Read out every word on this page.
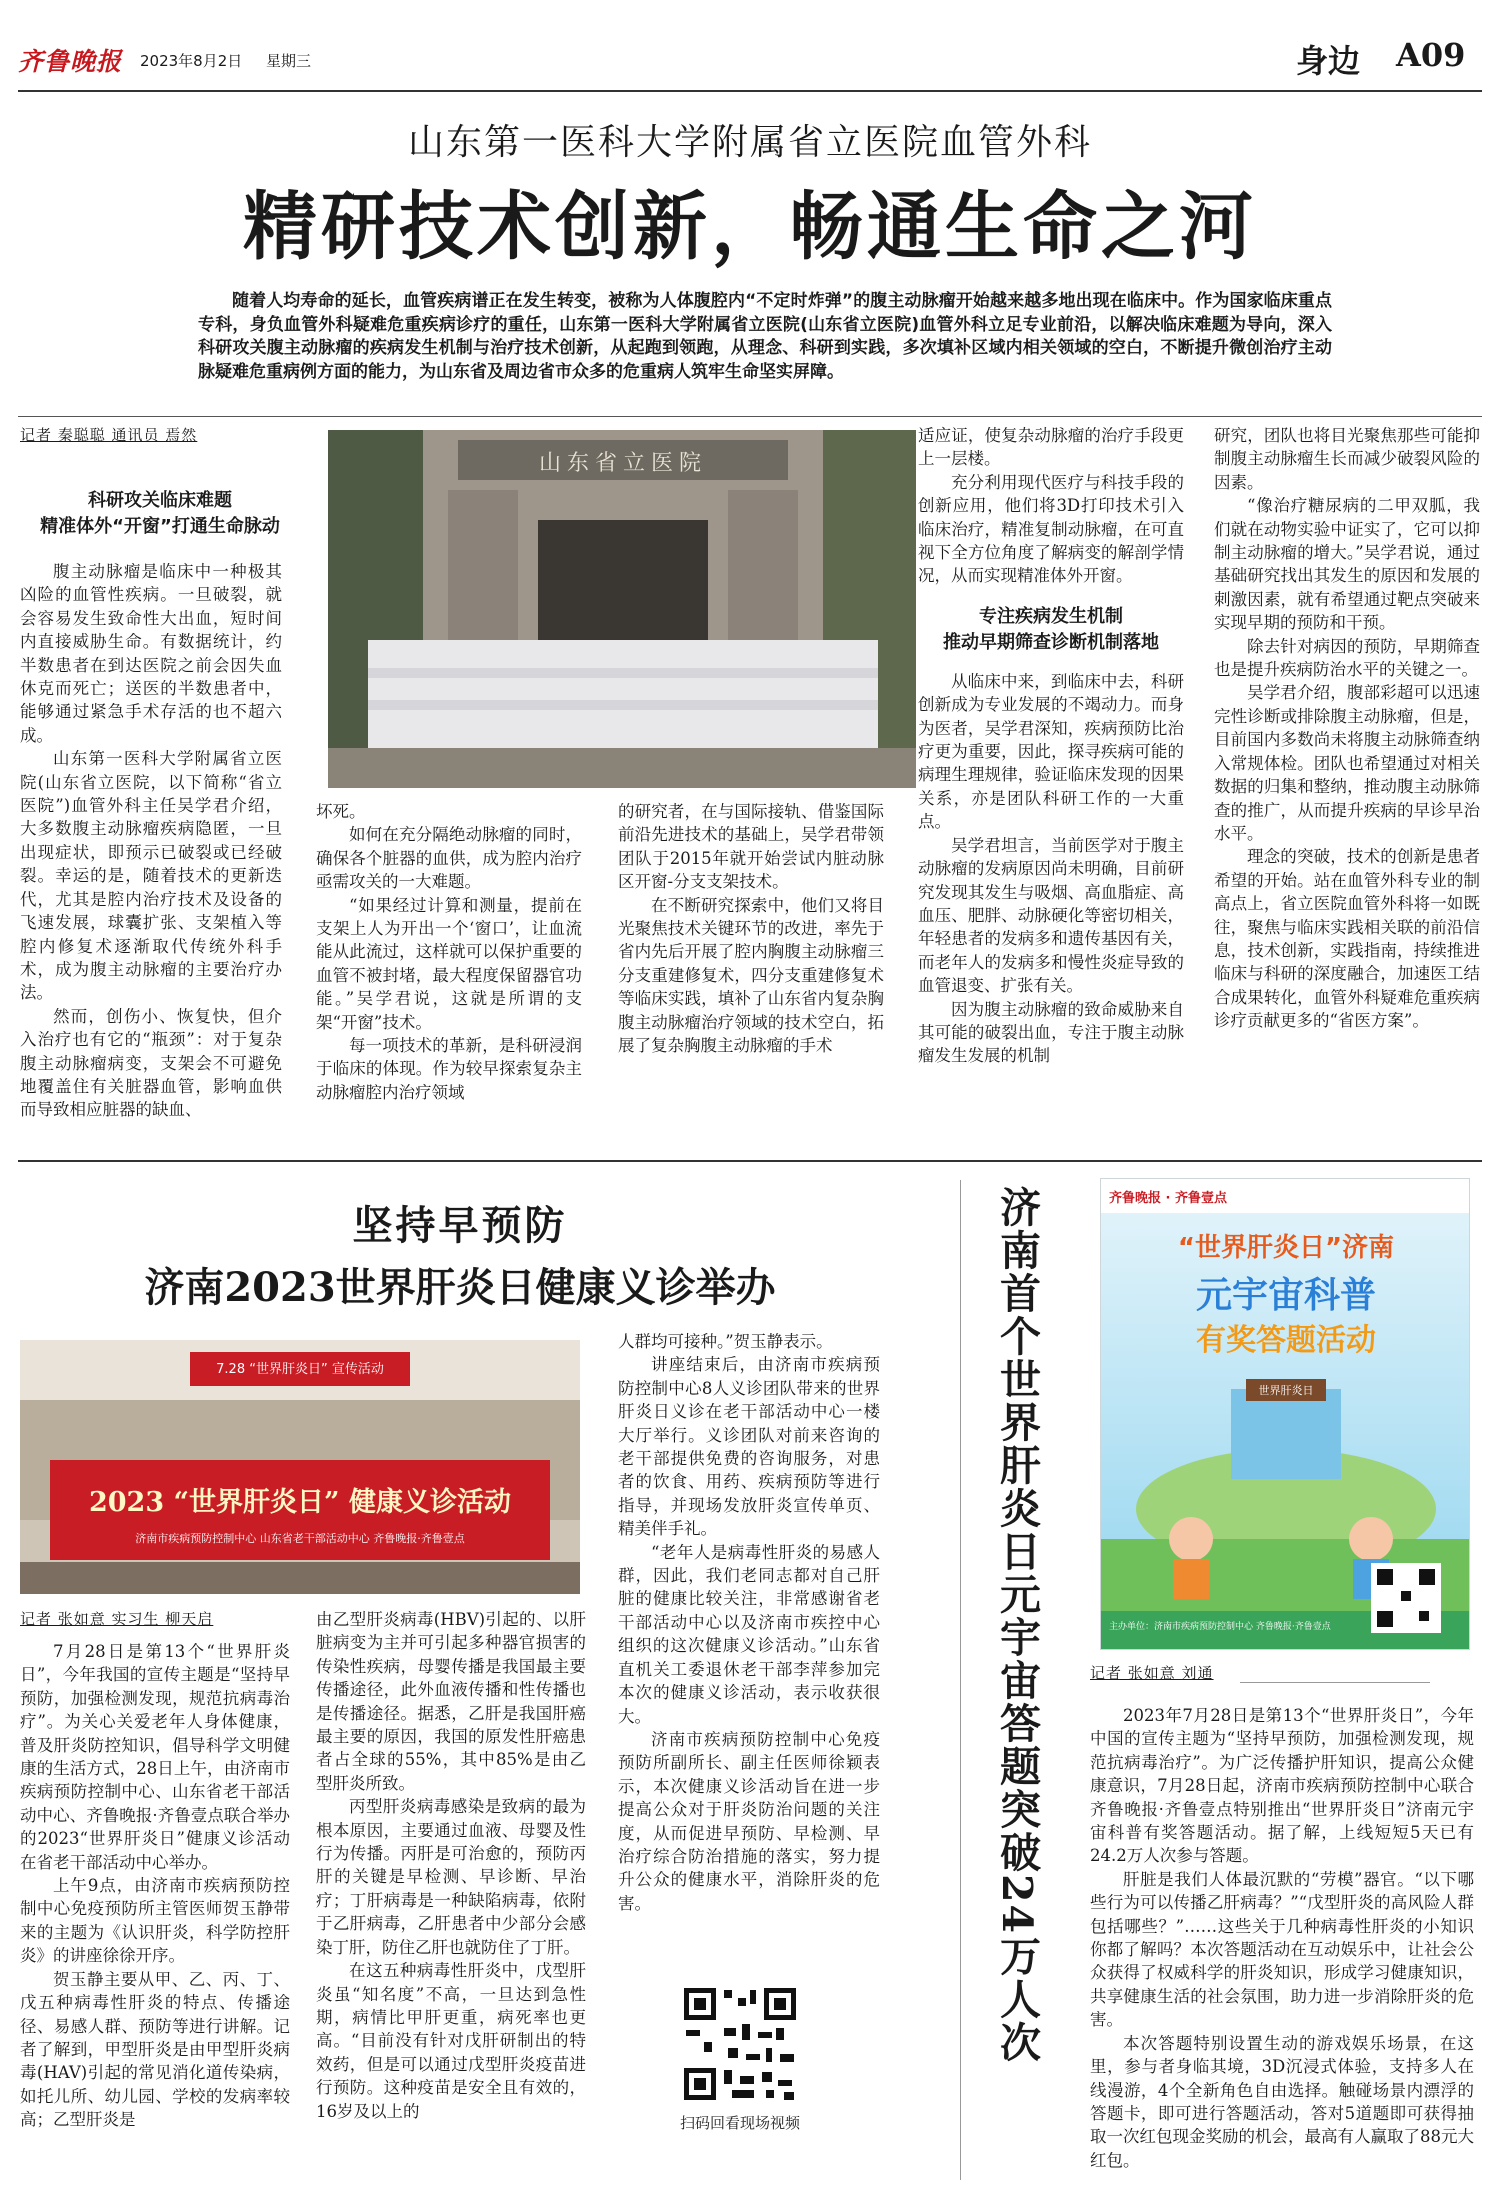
齐鲁晚报 2023年8月2日 星期三	身边 A09
山东第一医科大学附属省立医院血管外科
精研技术创新，畅通生命之河
随着人均寿命的延长，血管疾病谱正在发生转变，被称为人体腹腔内“不定时炸弹”的腹主动脉瘤开始越来越多地出现在临床中。作为国家临床重点专科，身负血管外科疑难危重疾病诊疗的重任，山东第一医科大学附属省立医院(山东省立医院)血管外科立足专业前沿，以解决临床难题为导向，深入科研攻关腹主动脉瘤的疾病发生机制与治疗技术创新，从起跑到领跑，从理念、科研到实践，多次填补区域内相关领域的空白，不断提升微创治疗主动脉疑难危重病例方面的能力，为山东省及周边省市众多的危重病人筑牢生命坚实屏障。
记者 秦聪聪 通讯员 焉然
科研攻关临床难题
精准体外“开窗”打通生命脉动

腹主动脉瘤是临床中一种极其凶险的血管性疾病。一旦破裂，就会容易发生致命性大出血，短时间内直接威胁生命。有数据统计，约半数患者在到达医院之前会因失血休克而死亡；送医的半数患者中，能够通过紧急手术存活的也不超六成。

山东第一医科大学附属省立医院(山东省立医院，以下简称“省立医院”)血管外科主任吴学君介绍，大多数腹主动脉瘤疾病隐匿，一旦出现症状，即预示已破裂或已经破裂。幸运的是，随着技术的更新迭代，尤其是腔内治疗技术及设备的飞速发展，球囊扩张、支架植入等腔内修复术逐渐取代传统外科手术，成为腹主动脉瘤的主要治疗办法。

然而，创伤小、恢复快，但介入治疗也有它的“瓶颈”：对于复杂腹主动脉瘤病变，支架会不可避免地覆盖住有关脏器血管，影响血供而导致相应脏器的缺血、

山东省立医院

坏死。

如何在充分隔绝动脉瘤的同时，确保各个脏器的血供，成为腔内治疗亟需攻关的一大难题。

“如果经过计算和测量，提前在支架上人为开出一个‘窗口’，让血流能从此流过，这样就可以保护重要的血管不被封堵，最大程度保留器官功能。”吴学君说，这就是所谓的支架“开窗”技术。

每一项技术的革新，是科研浸润于临床的体现。作为较早探索复杂主动脉瘤腔内治疗领域

的研究者，在与国际接轨、借鉴国际前沿先进技术的基础上，吴学君带领团队于2015年就开始尝试内脏动脉区开窗-分支支架技术。

在不断研究探索中，他们又将目光聚焦技术关键环节的改进，率先于省内先后开展了腔内胸腹主动脉瘤三分支重建修复术，四分支重建修复术等临床实践，填补了山东省内复杂胸腹主动脉瘤治疗领域的技术空白，拓展了复杂胸腹主动脉瘤的手术

适应证，使复杂动脉瘤的治疗手段更上一层楼。

充分利用现代医疗与科技手段的创新应用，他们将3D打印技术引入临床治疗，精准复制动脉瘤，在可直视下全方位角度了解病变的解剖学情况，从而实现精准体外开窗。

专注疾病发生机制
推动早期筛查诊断机制落地

从临床中来，到临床中去，科研创新成为专业发展的不竭动力。而身为医者，吴学君深知，疾病预防比治疗更为重要，因此，探寻疾病可能的病理生理规律，验证临床发现的因果关系，亦是团队科研工作的一大重点。

吴学君坦言，当前医学对于腹主动脉瘤的发病原因尚未明确，目前研究发现其发生与吸烟、高血脂症、高血压、肥胖、动脉硬化等密切相关，年轻患者的发病多和遗传基因有关，而老年人的发病多和慢性炎症导致的血管退变、扩张有关。

因为腹主动脉瘤的致命威胁来自其可能的破裂出血，专注于腹主动脉瘤发生发展的机制

研究，团队也将目光聚焦那些可能抑制腹主动脉瘤生长而减少破裂风险的因素。

“像治疗糖尿病的二甲双胍，我们就在动物实验中证实了，它可以抑制主动脉瘤的增大。”吴学君说，通过基础研究找出其发生的原因和发展的刺激因素，就有希望通过靶点突破来实现早期的预防和干预。

除去针对病因的预防，早期筛查也是提升疾病防治水平的关键之一。

吴学君介绍，腹部彩超可以迅速完性诊断或排除腹主动脉瘤，但是，目前国内多数尚未将腹主动脉筛查纳入常规体检。团队也希望通过对相关数据的归集和整纳，推动腹主动脉筛查的推广，从而提升疾病的早诊早治水平。

理念的突破，技术的创新是患者希望的开始。站在血管外科专业的制高点上，省立医院血管外科将一如既往，聚焦与临床实践相关联的前沿信息，技术创新，实践指南，持续推进临床与科研的深度融合，加速医工结合成果转化，血管外科疑难危重疾病诊疗贡献更多的“省医方案”。

坚持早预防
济南2023世界肝炎日健康义诊举办
7.28 “世界肝炎日” 宣传活动
2023 “世界肝炎日” 健康义诊活动
济南市疾病预防控制中心 山东省老干部活动中心 齐鲁晚报·齐鲁壹点
记者 张如意 实习生 柳天启

7月28日是第13个“世界肝炎日”，今年我国的宣传主题是“坚持早预防，加强检测发现，规范抗病毒治疗”。为关心关爱老年人身体健康，普及肝炎防控知识，倡导科学文明健康的生活方式，28日上午，由济南市疾病预防控制中心、山东省老干部活动中心、齐鲁晚报·齐鲁壹点联合举办的2023“世界肝炎日”健康义诊活动在省老干部活动中心举办。

上午9点，由济南市疾病预防控制中心免疫预防所主管医师贺玉静带来的主题为《认识肝炎，科学防控肝炎》的讲座徐徐开序。

贺玉静主要从甲、乙、丙、丁、戊五种病毒性肝炎的特点、传播途径、易感人群、预防等进行讲解。记者了解到，甲型肝炎是由甲型肝炎病毒(HAV)引起的常见消化道传染病，如托儿所、幼儿园、学校的发病率较高；乙型肝炎是

由乙型肝炎病毒(HBV)引起的、以肝脏病变为主并可引起多种器官损害的传染性疾病，母婴传播是我国最主要传播途径，此外血液传播和性传播也是传播途径。据悉，乙肝是我国肝癌最主要的原因，我国的原发性肝癌患者占全球的55%，其中85%是由乙型肝炎所致。

丙型肝炎病毒感染是致病的最为根本原因，主要通过血液、母婴及性行为传播。丙肝是可治愈的，预防丙肝的关键是早检测、早诊断、早治疗；丁肝病毒是一种缺陷病毒，依附于乙肝病毒，乙肝患者中少部分会感染丁肝，防住乙肝也就防住了丁肝。

在这五种病毒性肝炎中，戊型肝炎虽“知名度”不高，一旦达到急性期，病情比甲肝更重，病死率也更高。“目前没有针对戊肝研制出的特效药，但是可以通过戊型肝炎疫苗进行预防。这种疫苗是安全且有效的，16岁及以上的

人群均可接种。”贺玉静表示。

讲座结束后，由济南市疾病预防控制中心8人义诊团队带来的世界肝炎日义诊在老干部活动中心一楼大厅举行。义诊团队对前来咨询的老干部提供免费的咨询服务，对患者的饮食、用药、疾病预防等进行指导，并现场发放肝炎宣传单页、精美伴手礼。

“老年人是病毒性肝炎的易感人群，因此，我们老同志都对自己肝脏的健康比较关注，非常感谢省老干部活动中心以及济南市疾控中心组织的这次健康义诊活动。”山东省直机关工委退休老干部李萍参加完本次的健康义诊活动，表示收获很大。

济南市疾病预防控制中心免疫预防所副所长、副主任医师徐颖表示，本次健康义诊活动旨在进一步提高公众对于肝炎防治问题的关注度，从而促进早预防、早检测、早治疗综合防治措施的落实，努力提升公众的健康水平，消除肝炎的危害。

扫码回看现场视频
济南首个世界肝炎日元宇宙答题突破24万人次	齐鲁晚报 · 齐鲁壹点
“世界肝炎日”济南
元宇宙科普
有奖答题活动
世界肝炎日
主办单位：济南市疾病预防控制中心 齐鲁晚报·齐鲁壹点
记者 张如意 刘通

2023年7月28日是第13个“世界肝炎日”，今年中国的宣传主题为“坚持早预防，加强检测发现，规范抗病毒治疗”。为广泛传播护肝知识，提高公众健康意识，7月28日起，济南市疾病预防控制中心联合齐鲁晚报·齐鲁壹点特别推出“世界肝炎日”济南元宇宙科普有奖答题活动。据了解，上线短短5天已有24.2万人次参与答题。

肝脏是我们人体最沉默的“劳模”器官。“以下哪些行为可以传播乙肝病毒？”“戊型肝炎的高风险人群包括哪些？”……这些关于几种病毒性肝炎的小知识你都了解吗？本次答题活动在互动娱乐中，让社会公众获得了权威科学的肝炎知识，形成学习健康知识，共享健康生活的社会氛围，助力进一步消除肝炎的危害。

本次答题特别设置生动的游戏娱乐场景，在这里，参与者身临其境，3D沉浸式体验，支持多人在线漫游，4个全新角色自由选择。触碰场景内漂浮的答题卡，即可进行答题活动，答对5道题即可获得抽取一次红包现金奖励的机会，最高有人赢取了88元大红包。
